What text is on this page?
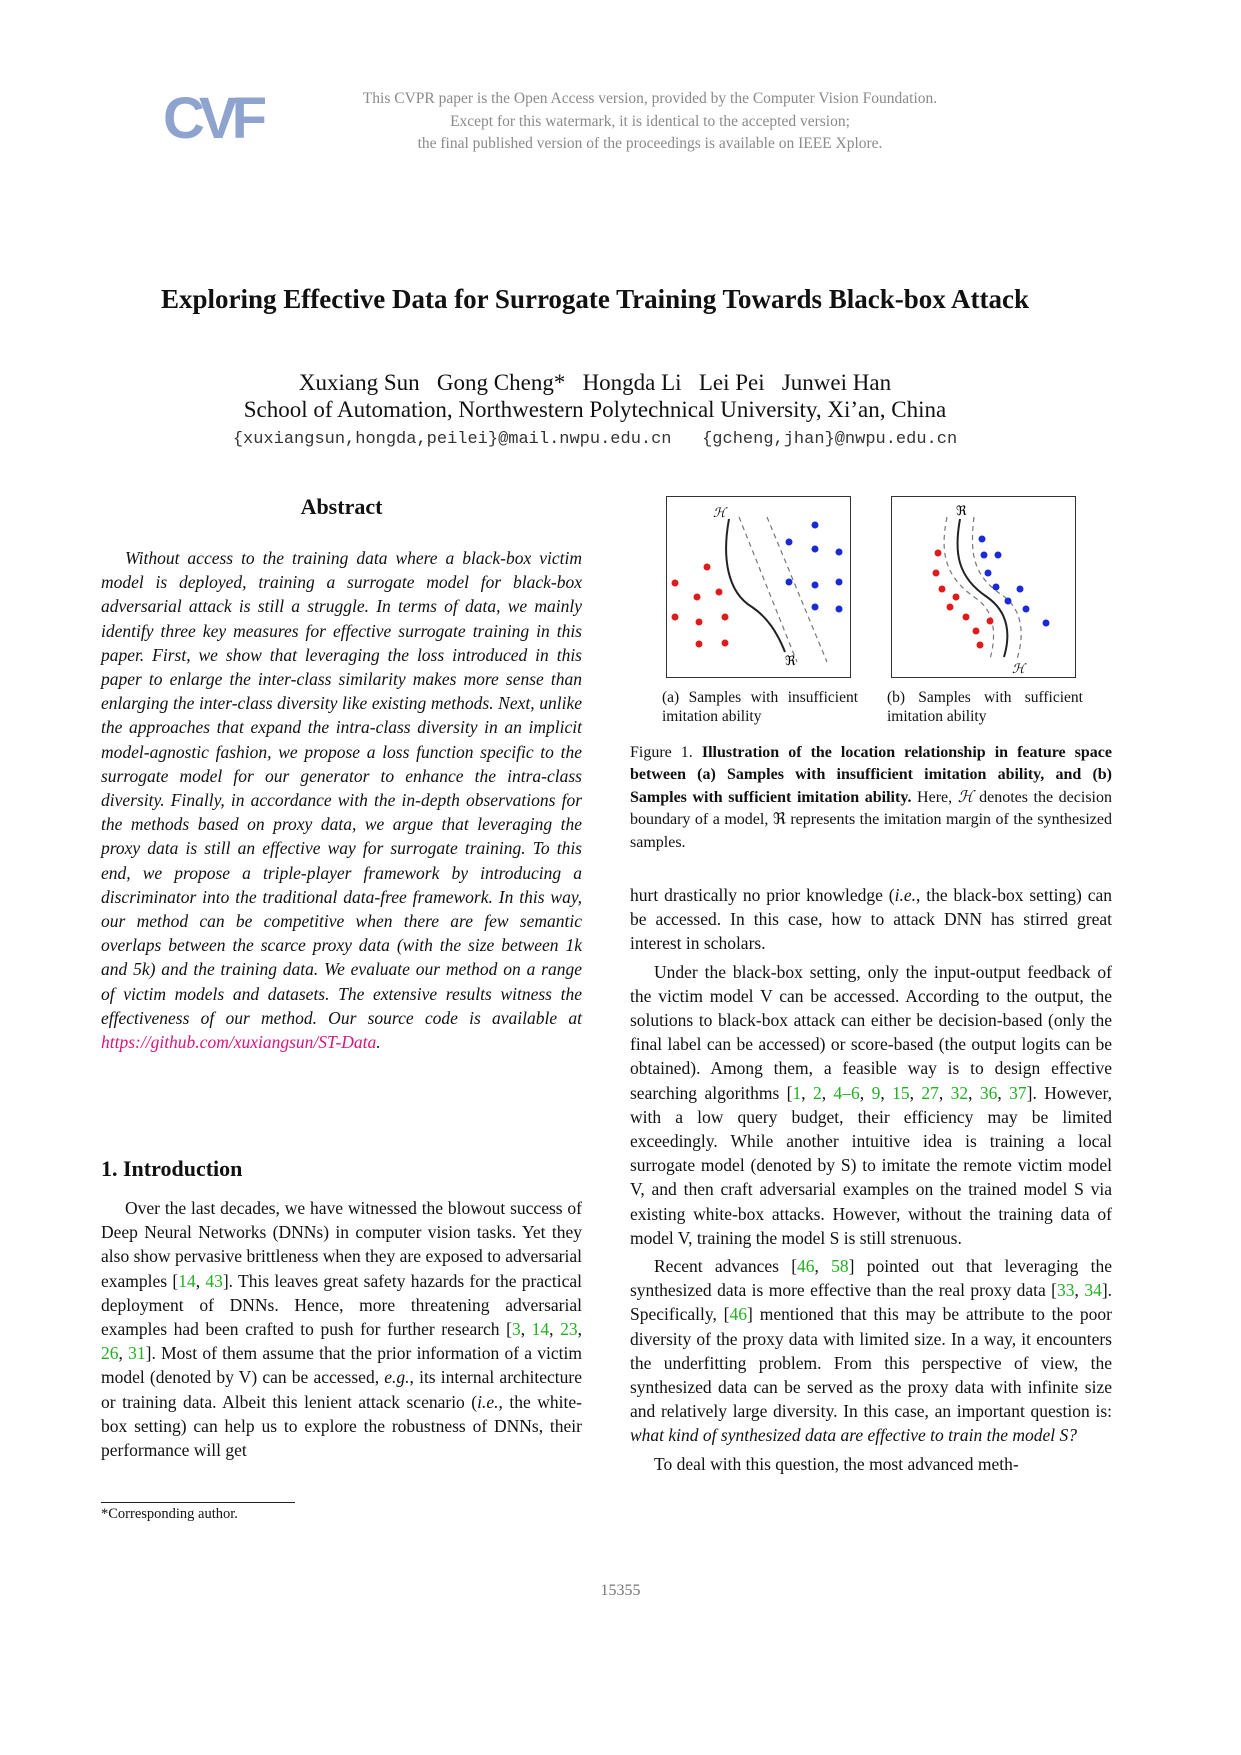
CVF	This CVPR paper is the Open Access version, provided by the Computer Vision Foundation.
Except for this watermark, it is identical to the accepted version;
the final published version of the proceedings is available on IEEE Xplore.
Exploring Effective Data for Surrogate Training Towards Black-box Attack
Xuxiang Sun   Gong Cheng*   Hongda Li   Lei Pei   Junwei Han
School of Automation, Northwestern Polytechnical University, Xi’an, China
{xuxiangsun,hongda,peilei}@mail.nwpu.edu.cn   {gcheng,jhan}@nwpu.edu.cn
Abstract

Without access to the training data where a black-box victim model is deployed, training a surrogate model for black-box adversarial attack is still a struggle. In terms of data, we mainly identify three key measures for effective surrogate training in this paper. First, we show that leveraging the loss introduced in this paper to enlarge the inter-class similarity makes more sense than enlarging the inter-class diversity like existing methods. Next, unlike the approaches that expand the intra-class diversity in an implicit model-agnostic fashion, we propose a loss function specific to the surrogate model for our generator to enhance the intra-class diversity. Finally, in accordance with the in-depth observations for the methods based on proxy data, we argue that leveraging the proxy data is still an effective way for surrogate training. To this end, we propose a triple-player framework by introducing a discriminator into the traditional data-free framework. In this way, our method can be competitive when there are few semantic overlaps between the scarce proxy data (with the size between 1k and 5k) and the training data. We evaluate our method on a range of victim models and datasets. The extensive results witness the effectiveness of our method. Our source code is available at https://github.com/xuxiangsun/ST-Data.

1. Introduction

Over the last decades, we have witnessed the blowout success of Deep Neural Networks (DNNs) in computer vision tasks. Yet they also show pervasive brittleness when they are exposed to adversarial examples [14, 43]. This leaves great safety hazards for the practical deployment of DNNs. Hence, more threatening adversarial examples had been crafted to push for further research [3, 14, 23, 26, 31]. Most of them assume that the prior information of a victim model (denoted by V) can be accessed, e.g., its internal architecture or training data. Albeit this lenient attack scenario (i.e., the white-box setting) can help us to explore the robustness of DNNs, their performance will get

*Corresponding author.
ℋ
ℜ
(a) Samples with insufficient imitation ability
ℜ
ℋ
(b) Samples with sufficient imitation ability
Figure 1. Illustration of the location relationship in feature space between (a) Samples with insufficient imitation ability, and (b) Samples with sufficient imitation ability. Here, ℋ denotes the decision boundary of a model, ℜ represents the imitation margin of the synthesized samples.

hurt drastically no prior knowledge (i.e., the black-box setting) can be accessed. In this case, how to attack DNN has stirred great interest in scholars.

Under the black-box setting, only the input-output feedback of the victim model V can be accessed. According to the output, the solutions to black-box attack can either be decision-based (only the final label can be accessed) or score-based (the output logits can be obtained). Among them, a feasible way is to design effective searching algorithms [1, 2, 4–6, 9, 15, 27, 32, 36, 37]. However, with a low query budget, their efficiency may be limited exceedingly. While another intuitive idea is training a local surrogate model (denoted by S) to imitate the remote victim model V, and then craft adversarial examples on the trained model S via existing white-box attacks. However, without the training data of model V, training the model S is still strenuous.

Recent advances [46, 58] pointed out that leveraging the synthesized data is more effective than the real proxy data [33, 34]. Specifically, [46] mentioned that this may be attribute to the poor diversity of the proxy data with limited size. In a way, it encounters the underfitting problem. From this perspective of view, the synthesized data can be served as the proxy data with infinite size and relatively large diversity. In this case, an important question is: what kind of synthesized data are effective to train the model S?

To deal with this question, the most advanced meth-

15355
